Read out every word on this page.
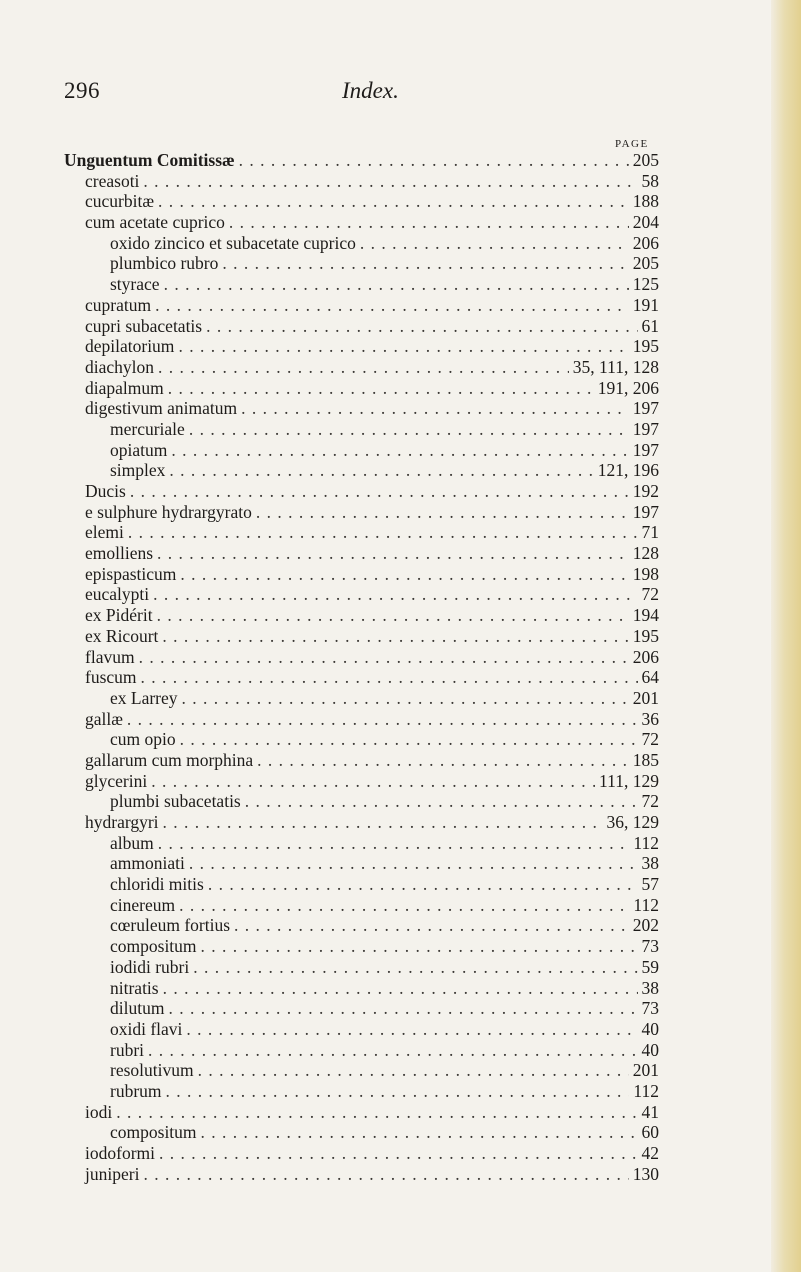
296	Index.
PAGE
Unguentum Comitissæ . . .	205
creasoti . . .	58
cucurbitæ . . .	188
cum acetate cuprico . . .	204
oxido zincico et subacetate cuprico . . .	206
plumbico rubro . . .	205
styrace . . .	125
cupratum . . .	191
cupri subacetatis . . .	61
depilatorium . . .	195
diachylon . . .	35, 111, 128
diapalmum . . .	191, 206
digestivum animatum . . .	197
mercuriale . . .	197
opiatum . . .	197
simplex . . .	121, 196
Ducis . . .	192
e sulphure hydrargyrato . . .	197
elemi . . .	71
emolliens . . .	128
epispasticum . . .	198
eucalypti . . .	72
ex Pidérit . . .	194
ex Ricourt . . .	195
flavum . . .	206
fuscum . . .	64
ex Larrey . . .	201
gallæ . . .	36
cum opio . . .	72
gallarum cum morphina . . .	185
glycerini . . .	111, 129
plumbi subacetatis . . .	72
hydrargyri . . .	36, 129
album . . .	112
ammoniati . . .	38
chloridi mitis . . .	57
cinereum . . .	112
cœruleum fortius . . .	202
compositum . . .	73
iodidi rubri . . .	59
nitratis . . .	38
dilutum . . .	73
oxidi flavi . . .	40
rubri . . .	40
resolutivum . . .	201
rubrum . . .	112
iodi . . .	41
compositum . . .	60
iodoformi . . .	42
juniperi . . .	130
